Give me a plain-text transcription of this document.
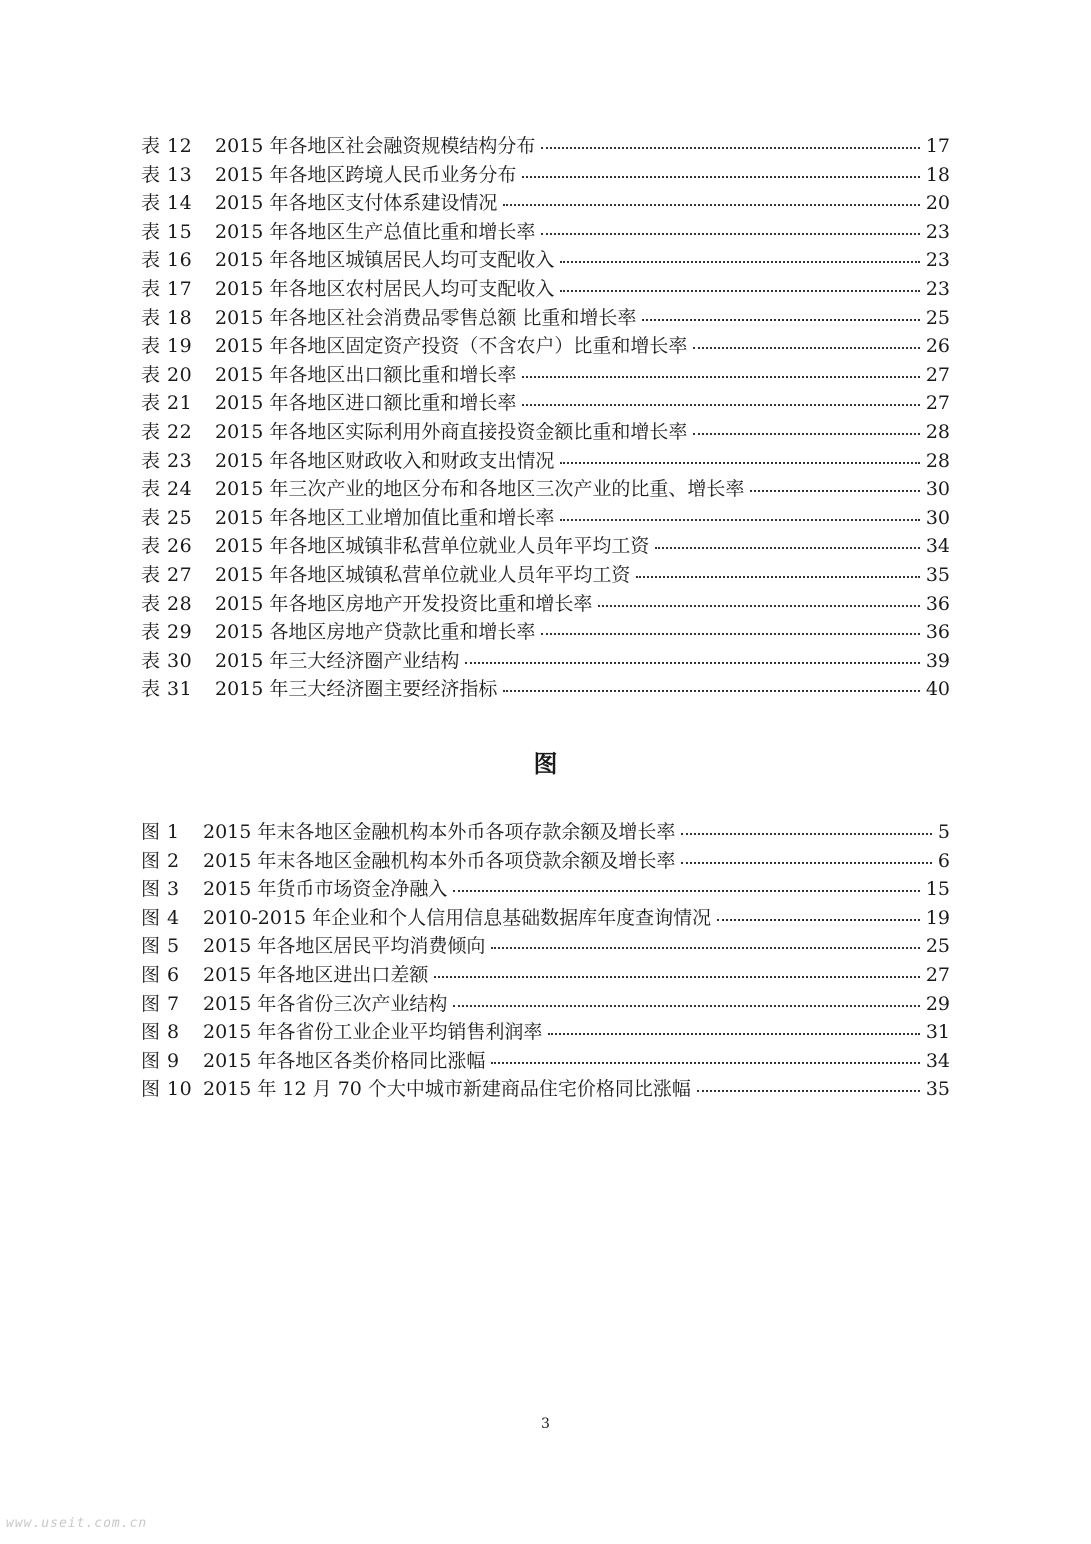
表 12	2015 年各地区社会融资规模结构分布	17
表 13	2015 年各地区跨境人民币业务分布	18
表 14	2015 年各地区支付体系建设情况	20
表 15	2015 年各地区生产总值比重和增长率	23
表 16	2015 年各地区城镇居民人均可支配收入	23
表 17	2015 年各地区农村居民人均可支配收入	23
表 18	2015 年各地区社会消费品零售总额 比重和增长率	25
表 19	2015 年各地区固定资产投资（不含农户）比重和增长率	26
表 20	2015 年各地区出口额比重和增长率	27
表 21	2015 年各地区进口额比重和增长率	27
表 22	2015 年各地区实际利用外商直接投资金额比重和增长率	28
表 23	2015 年各地区财政收入和财政支出情况	28
表 24	2015 年三次产业的地区分布和各地区三次产业的比重、增长率	30
表 25	2015 年各地区工业增加值比重和增长率	30
表 26	2015 年各地区城镇非私营单位就业人员年平均工资	34
表 27	2015 年各地区城镇私营单位就业人员年平均工资	35
表 28	2015 年各地区房地产开发投资比重和增长率	36
表 29	2015 各地区房地产贷款比重和增长率	36
表 30	2015 年三大经济圈产业结构	39
表 31	2015 年三大经济圈主要经济指标	40
图
图 1	2015 年末各地区金融机构本外币各项存款余额及增长率	5
图 2	2015 年末各地区金融机构本外币各项贷款余额及增长率	6
图 3	2015 年货币市场资金净融入	15
图 4	2010-2015 年企业和个人信用信息基础数据库年度查询情况	19
图 5	2015 年各地区居民平均消费倾向	25
图 6	2015 年各地区进出口差额	27
图 7	2015 年各省份三次产业结构	29
图 8	2015 年各省份工业企业平均销售利润率	31
图 9	2015 年各地区各类价格同比涨幅	34
图 10 2015 年 12 月 70 个大中城市新建商品住宅价格同比涨幅	35
3
www.useit.com.cn
